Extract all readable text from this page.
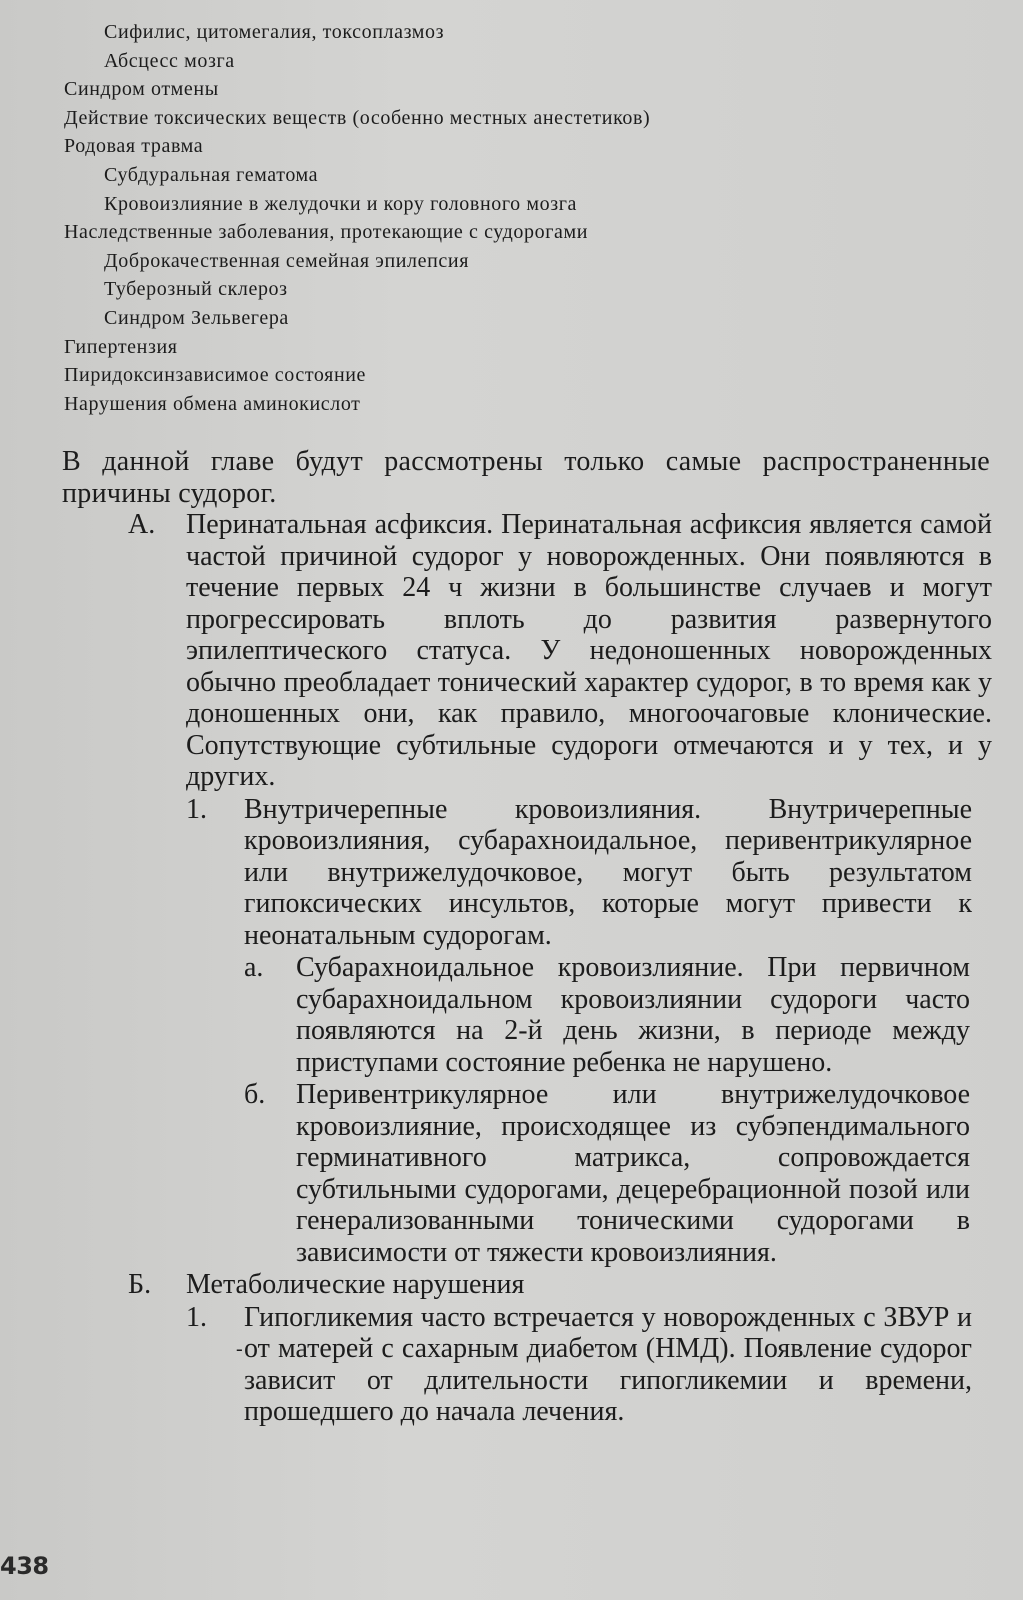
Сифилис, цитомегалия, токсоплазмоз
Абсцесс мозга
Синдром отмены
Действие токсических веществ (особенно местных анестетиков)
Родовая травма
Субдуральная гематома
Кровоизлияние в желудочки и кору головного мозга
Наследственные заболевания, протекающие с судорогами
Доброкачественная семейная эпилепсия
Туберозный склероз
Синдром Зельвегера
Гипертензия
Пиридоксинзависимое состояние
Нарушения обмена аминокислот
В данной главе будут рассмотрены только самые распространенные причины судорог.
А. Перинатальная асфиксия. Перинатальная асфиксия является самой частой причиной судорог у новорожденных. Они появляются в течение первых 24 ч жизни в большинстве случаев и могут прогрессировать вплоть до развития развернутого эпилептического статуса. У недоношенных новорожденных обычно преобладает тонический характер судорог, в то время как у доношенных они, как правило, многоочаговые клонические. Сопутствующие субтильные судороги отмечаются и у тех, и у других.
1. Внутричерепные кровоизлияния. Внутричерепные кровоизлияния, субарахноидальное, перивентрикулярное или внутрижелудочковое, могут быть результатом гипоксических инсультов, которые могут привести к неонатальным судорогам.
а. Субарахноидальное кровоизлияние. При первичном субарахноидальном кровоизлиянии судороги часто появляются на 2-й день жизни, в периоде между приступами состояние ребенка не нарушено.
б. Перивентрикулярное или внутрижелудочковое кровоизлияние, происходящее из субэпендимального герминативного матрикса, сопровождается субтильными судорогами, децеребрационной позой или генерализованными тоническими судорогами в зависимости от тяжести кровоизлияния.
Б. Метаболические нарушения
1. Гипогликемия часто встречается у новорожденных с ЗВУР и от матерей с сахарным диабетом (НМД). Появление судорог зависит от длительности гипогликемии и времени, прошедшего до начала лечения.
-
438
